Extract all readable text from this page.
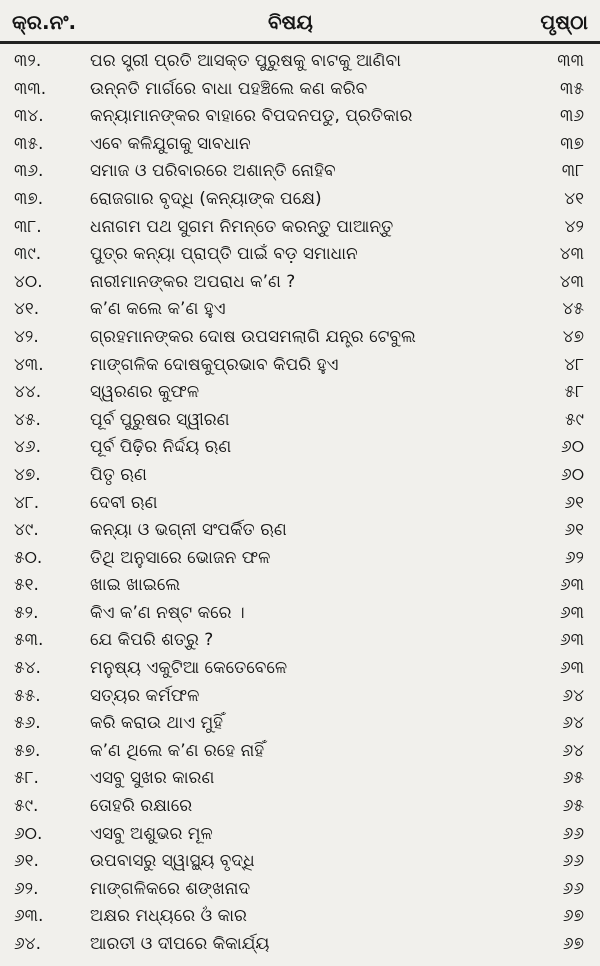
କ୍ର.ନଂ.	ବିଷୟ	ପୃଷ୍ଠା
୩୨.	ପର ସ୍ତ୍ରୀ ପ୍ରତି ଆସକ୍ତ ପୁରୁଷକୁ ବାଟକୁ ଆଣିବା	୩୩
୩୩.	ଉନ୍ନତି ମାର୍ଗରେ ବାଧା ପହଞ୍ଚିଲେ କଣ କରିବ	୩୫
୩୪.	କନ୍ୟାମାନଙ୍କର ବାହାରେ ବିପଦନପଡୁ, ପ୍ରତିକାର	୩୬
୩୫.	ଏବେ କଳିଯୁଗକୁ ସାବଧାନ	୩୭
୩୬.	ସମାଜ ଓ ପରିବାରରେ ଅଶାନ୍ତି ନୋହିବ	୩୮
୩୭.	ରୋଜଗାର ବୃଦ୍ଧି (କନ୍ୟାଙ୍କ ପକ୍ଷେ)	୪୧
୩୮.	ଧନାଗମ ପଥ ସୁଗମ ନିମନ୍ତେ କରନ୍ତୁ ପାଆନ୍ତୁ	୪୨
୩୯.	ପୁତ୍ର କନ୍ୟା ପ୍ରାପ୍ତି ପାଇଁ ବଡ଼ ସମାଧାନ	୪୩
୪୦.	ନାରୀମାନଙ୍କର ଅପରାଧ କ’ଣ ?	୪୩
୪୧.	କ’ଣ କଲେ କ’ଣ ହୁଏ	୪୫
୪୨.	ଗ୍ରହମାନଙ୍କର ଦୋଷ ଉପସମଲାଗି ଯନ୍ତ୍ର ଟେବୁଲ	୪୭
୪୩.	ମାଙ୍ଗଳିକ ଦୋଷକୁପ୍ରଭାବ କିପରି ହୁଏ	୪୮
୪୪.	ସ୍ୱରଣର କୁଫଳ	୫୮
୪୫.	ପୂର୍ବ ପୁରୁଷର ସ୍ୱୀରଣ	୫୯
୪୬.	ପୂର୍ବ ପିଢ଼ିର ନିର୍ଦ୍ଦୟ ଋଣ	୬୦
୪୭.	ପିତୃ ଋଣ	୬୦
୪୮.	ଦେବୀ ଋଣ	୬୧
୪୯.	କନ୍ୟା ଓ ଭଗ୍ନୀ ସଂପର୍କିତ ଋଣ	୬୧
୫୦.	ତିଥି ଅନୁସାରେ ଭୋଜନ ଫଳ	୬୨
୫୧.	ଖାଇ ଖାଇଲେ	୬୩
୫୨.	କିଏ କ’ଣ ନଷ୍ଟ କରେ ।	୬୩
୫୩.	ଯେ କିପରି ଶତ୍ରୁ ?	୬୩
୫୪.	ମନୁଷ୍ୟ ଏକୁଟିଆ କେତେବେଳେ	୬୩
୫୫.	ସତ୍ୟର କର୍ମଫଳ	୬୪
୫୬.	କରି କରାଉ ଥାଏ ମୁହିଁ	୬୪
୫୭.	କ’ଣ ଥିଲେ କ’ଣ ରହେ ନାହିଁ	୬୪
୫୮.	ଏସବୁ ସୁଖର କାରଣ	୬୫
୫୯.	ତୋହରି ରକ୍ଷାରେ	୬୫
୬୦.	ଏସବୁ ଅଶୁଭର ମୂଳ	୬୬
୬୧.	ଉପବାସରୁ ସ୍ୱାସ୍ଥ୍ୟ ବୃଦ୍ଧି	୬୬
୬୨.	ମାଙ୍ଗଳିକରେ ଶଙ୍ଖନାଦ	୬୬
୬୩.	ଅକ୍ଷର ମଧ୍ୟରେ ଓଁ କାର	୬୭
୬୪.	ଆରତୀ ଓ ଦୀପରେ କିକାର୍ଯ୍ୟ	୬୭
